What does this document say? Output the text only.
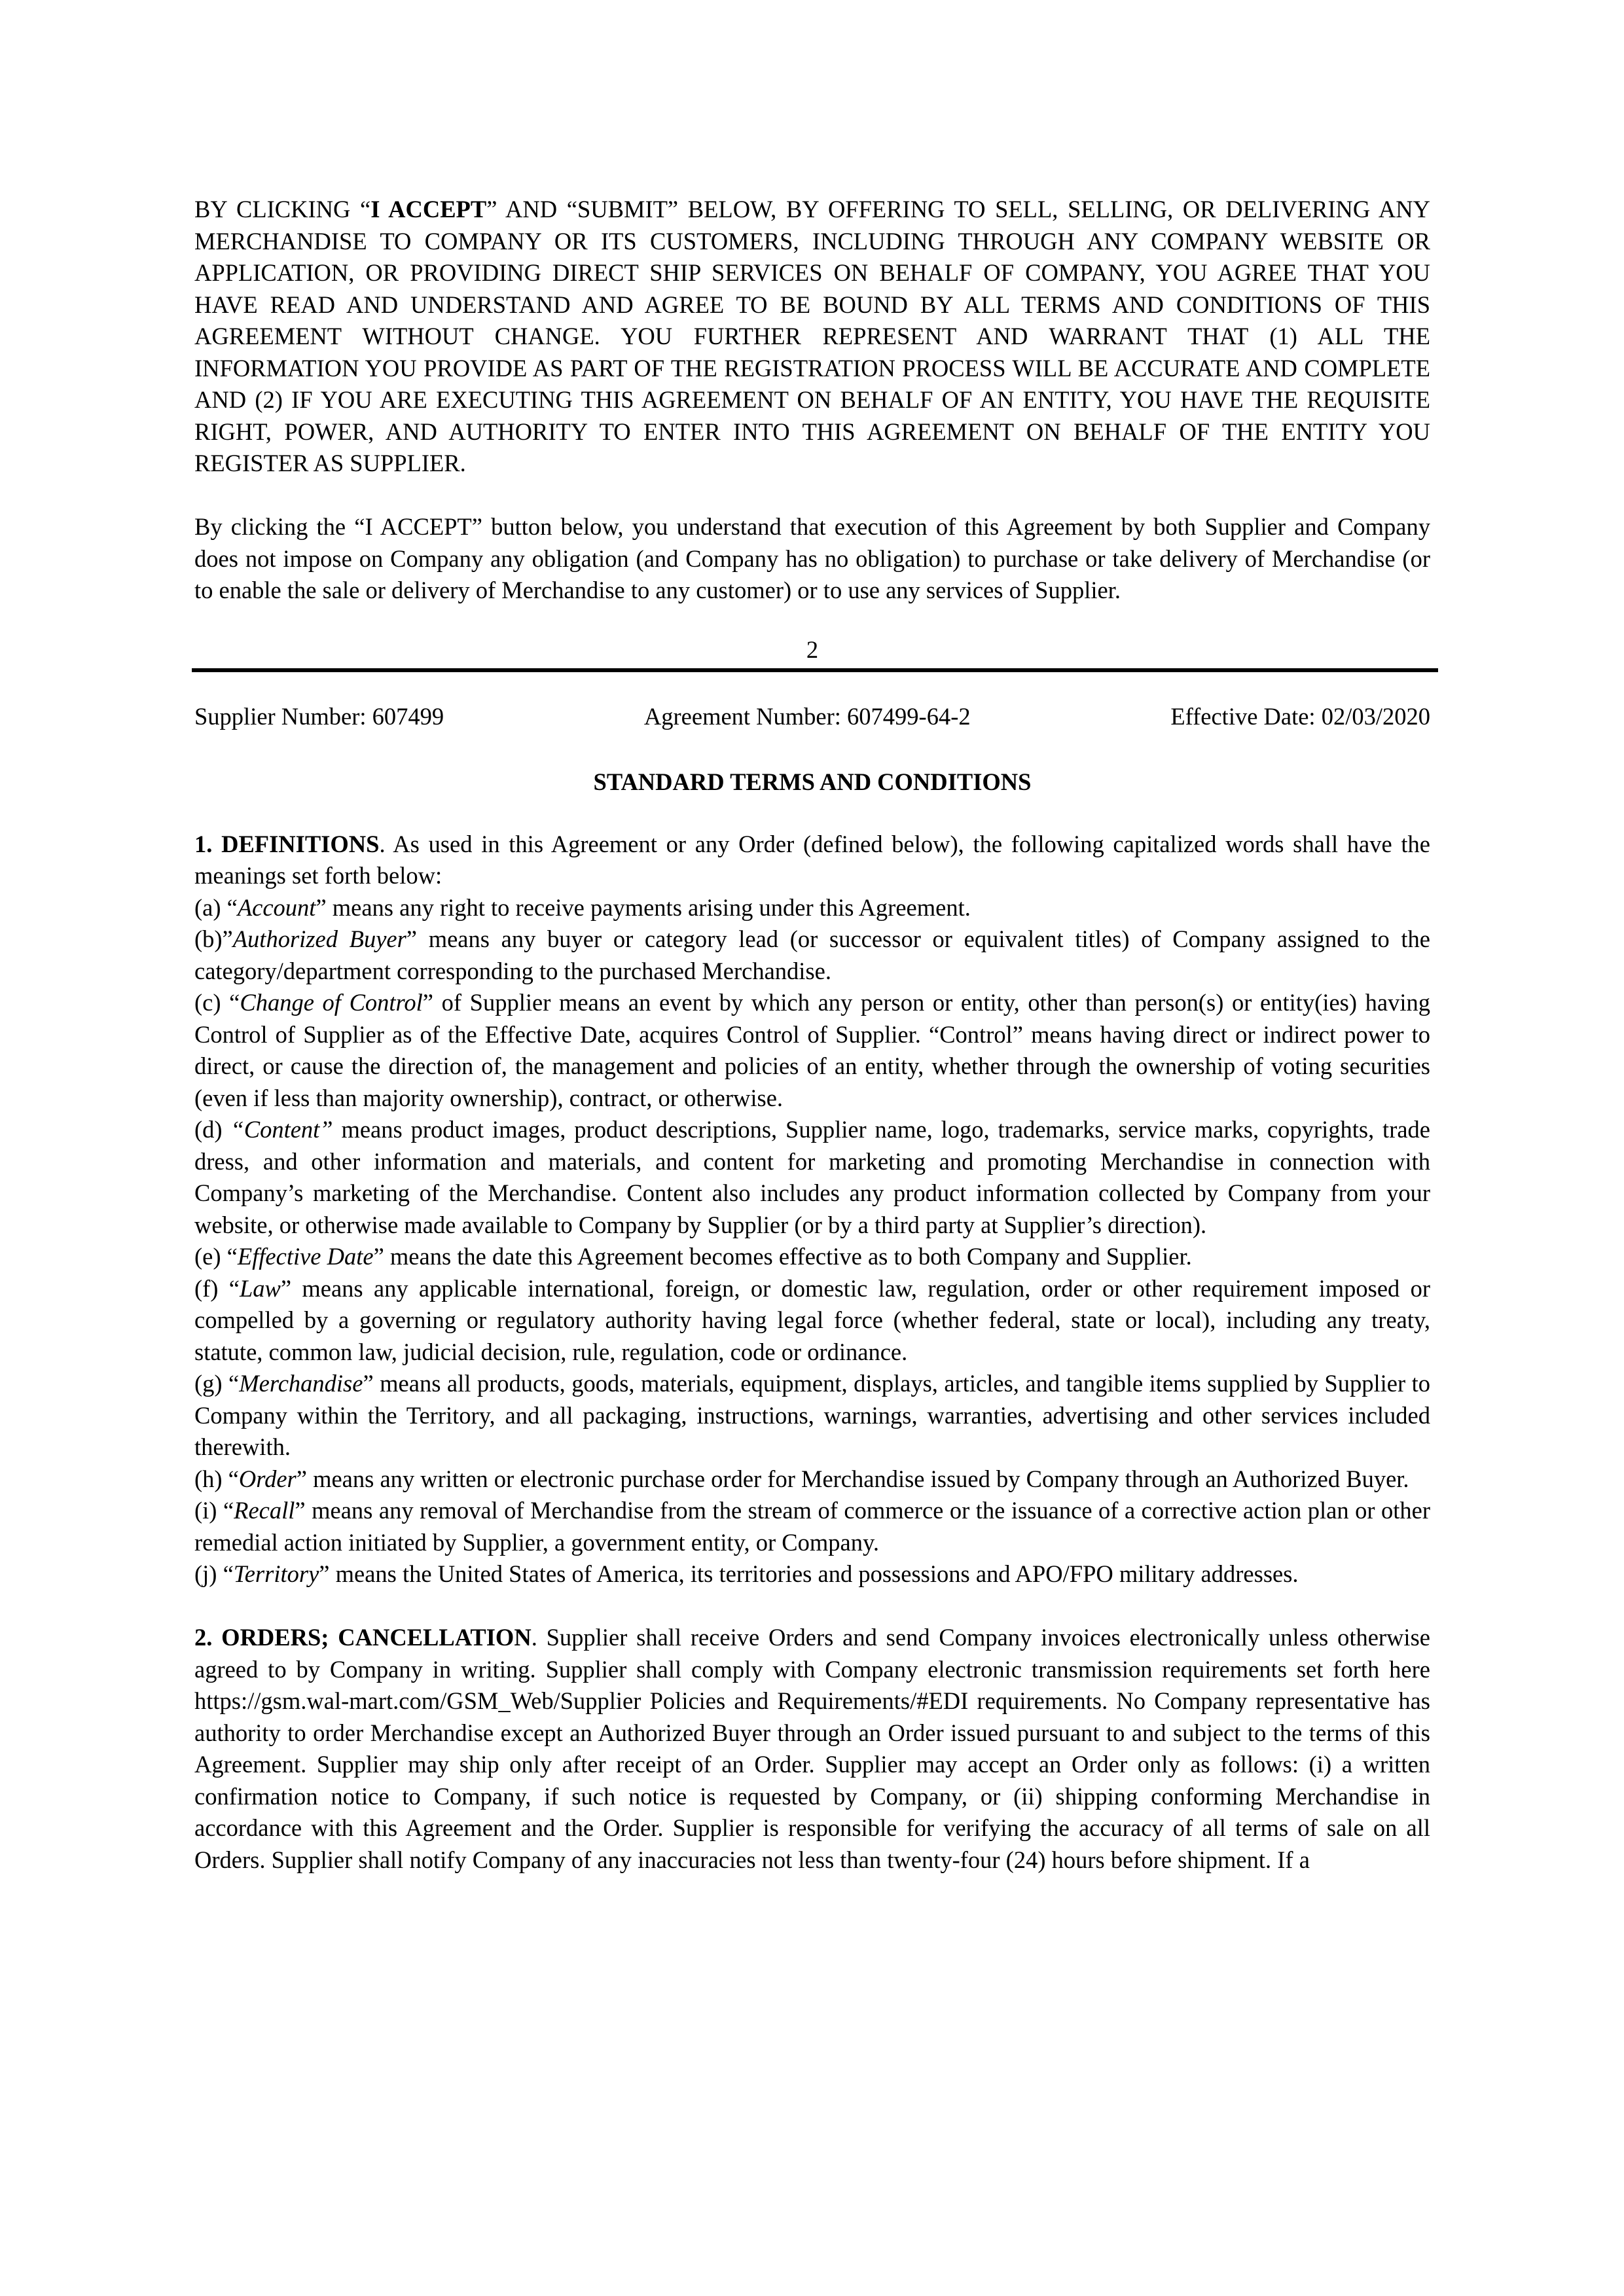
BY CLICKING “I ACCEPT” AND “SUBMIT” BELOW, BY OFFERING TO SELL, SELLING, OR DELIVERING ANY MERCHANDISE TO COMPANY OR ITS CUSTOMERS, INCLUDING THROUGH ANY COMPANY WEBSITE OR APPLICATION, OR PROVIDING DIRECT SHIP SERVICES ON BEHALF OF COMPANY, YOU AGREE THAT YOU HAVE READ AND UNDERSTAND AND AGREE TO BE BOUND BY ALL TERMS AND CONDITIONS OF THIS AGREEMENT WITHOUT CHANGE. YOU FURTHER REPRESENT AND WARRANT THAT (1) ALL THE INFORMATION YOU PROVIDE AS PART OF THE REGISTRATION PROCESS WILL BE ACCURATE AND COMPLETE AND (2) IF YOU ARE EXECUTING THIS AGREEMENT ON BEHALF OF AN ENTITY, YOU HAVE THE REQUISITE RIGHT, POWER, AND AUTHORITY TO ENTER INTO THIS AGREEMENT ON BEHALF OF THE ENTITY YOU REGISTER AS SUPPLIER.

By clicking the “I ACCEPT” button below, you understand that execution of this Agreement by both Supplier and Company does not impose on Company any obligation (and Company has no obligation) to purchase or take delivery of Merchandise (or to enable the sale or delivery of Merchandise to any customer) or to use any services of Supplier.

2
Supplier Number: 607499	Agreement Number: 607499-64-2	Effective Date: 02/03/2020
STANDARD TERMS AND CONDITIONS

1. DEFINITIONS. As used in this Agreement or any Order (defined below), the following capitalized words shall have the meanings set forth below:

(a) “Account” means any right to receive payments arising under this Agreement.

(b)”Authorized Buyer” means any buyer or category lead (or successor or equivalent titles) of Company assigned to the category/department corresponding to the purchased Merchandise.

(c) “Change of Control” of Supplier means an event by which any person or entity, other than person(s) or entity(ies) having Control of Supplier as of the Effective Date, acquires Control of Supplier. “Control” means having direct or indirect power to direct, or cause the direction of, the management and policies of an entity, whether through the ownership of voting securities (even if less than majority ownership), contract, or otherwise.

(d) “Content” means product images, product descriptions, Supplier name, logo, trademarks, service marks, copyrights, trade dress, and other information and materials, and content for marketing and promoting Merchandise in connection with Company’s marketing of the Merchandise. Content also includes any product information collected by Company from your website, or otherwise made available to Company by Supplier (or by a third party at Supplier’s direction).

(e) “Effective Date” means the date this Agreement becomes effective as to both Company and Supplier.

(f) “Law” means any applicable international, foreign, or domestic law, regulation, order or other requirement imposed or compelled by a governing or regulatory authority having legal force (whether federal, state or local), including any treaty, statute, common law, judicial decision, rule, regulation, code or ordinance.

(g) “Merchandise” means all products, goods, materials, equipment, displays, articles, and tangible items supplied by Supplier to Company within the Territory, and all packaging, instructions, warnings, warranties, advertising and other services included therewith.

(h) “Order” means any written or electronic purchase order for Merchandise issued by Company through an Authorized Buyer.

(i) “Recall” means any removal of Merchandise from the stream of commerce or the issuance of a corrective action plan or other remedial action initiated by Supplier, a government entity, or Company.

(j) “Territory” means the United States of America, its territories and possessions and APO/FPO military addresses.

2. ORDERS; CANCELLATION. Supplier shall receive Orders and send Company invoices electronically unless otherwise agreed to by Company in writing. Supplier shall comply with Company electronic transmission requirements set forth here https://gsm.wal-mart.com/GSM_Web/Supplier Policies and Requirements/#EDI requirements. No Company representative has authority to order Merchandise except an Authorized Buyer through an Order issued pursuant to and subject to the terms of this Agreement. Supplier may ship only after receipt of an Order. Supplier may accept an Order only as follows: (i) a written confirmation notice to Company, if such notice is requested by Company, or (ii) shipping conforming Merchandise in accordance with this Agreement and the Order. Supplier is responsible for verifying the accuracy of all terms of sale on all Orders. Supplier shall notify Company of any inaccuracies not less than twenty-four (24) hours before shipment. If a
